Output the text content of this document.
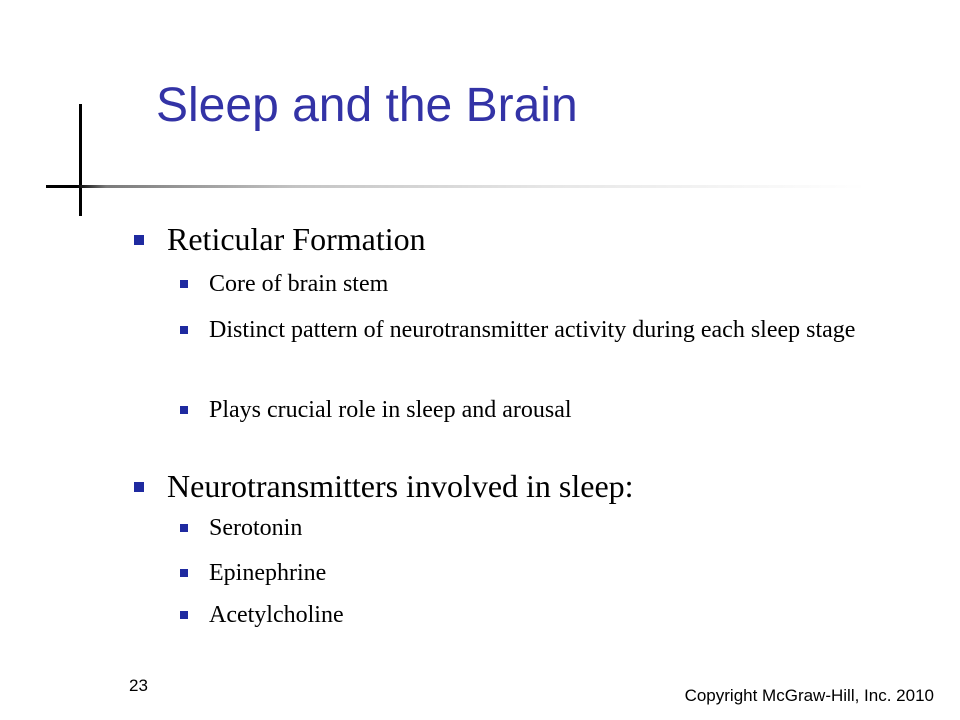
Sleep and the Brain
Reticular Formation
Core of brain stem
Distinct pattern of neurotransmitter activity during each sleep stage
Plays crucial role in sleep and arousal
Neurotransmitters involved in sleep:
Serotonin
Epinephrine
Acetylcholine
23
Copyright McGraw-Hill, Inc. 2010
